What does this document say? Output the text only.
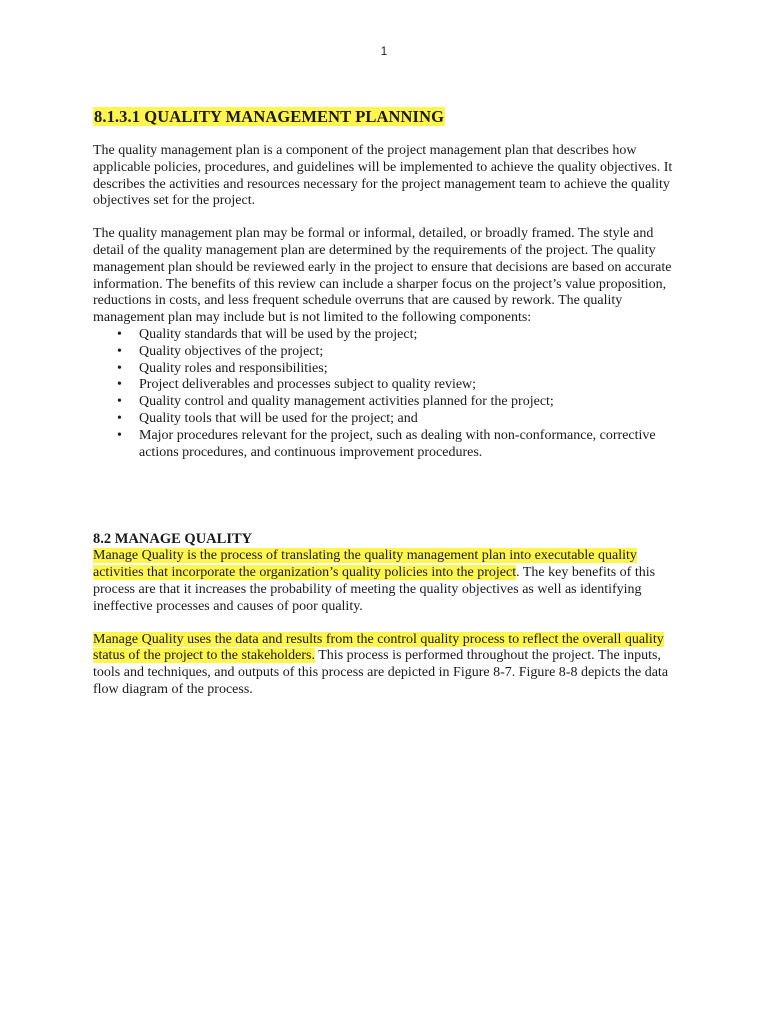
1
8.1.3.1 QUALITY MANAGEMENT PLANNING

The quality management plan is a component of the project management plan that describes how applicable policies, procedures, and guidelines will be implemented to achieve the quality objectives. It describes the activities and resources necessary for the project management team to achieve the quality objectives set for the project.

The quality management plan may be formal or informal, detailed, or broadly framed. The style and detail of the quality management plan are determined by the requirements of the project. The quality management plan should be reviewed early in the project to ensure that decisions are based on accurate information. The benefits of this review can include a sharper focus on the project’s value proposition, reductions in costs, and less frequent schedule overruns that are caused by rework. The quality management plan may include but is not limited to the following components:

• Quality standards that will be used by the project;
• Quality objectives of the project;
• Quality roles and responsibilities;
• Project deliverables and processes subject to quality review;
• Quality control and quality management activities planned for the project;
• Quality tools that will be used for the project; and
• Major procedures relevant for the project, such as dealing with non-conformance, corrective actions procedures, and continuous improvement procedures.
8.2 MANAGE QUALITY

Manage Quality is the process of translating the quality management plan into executable quality activities that incorporate the organization’s quality policies into the project. The key benefits of this process are that it increases the probability of meeting the quality objectives as well as identifying ineffective processes and causes of poor quality.

Manage Quality uses the data and results from the control quality process to reflect the overall quality status of the project to the stakeholders. This process is performed throughout the project. The inputs, tools and techniques, and outputs of this process are depicted in Figure 8-7. Figure 8-8 depicts the data flow diagram of the process.
